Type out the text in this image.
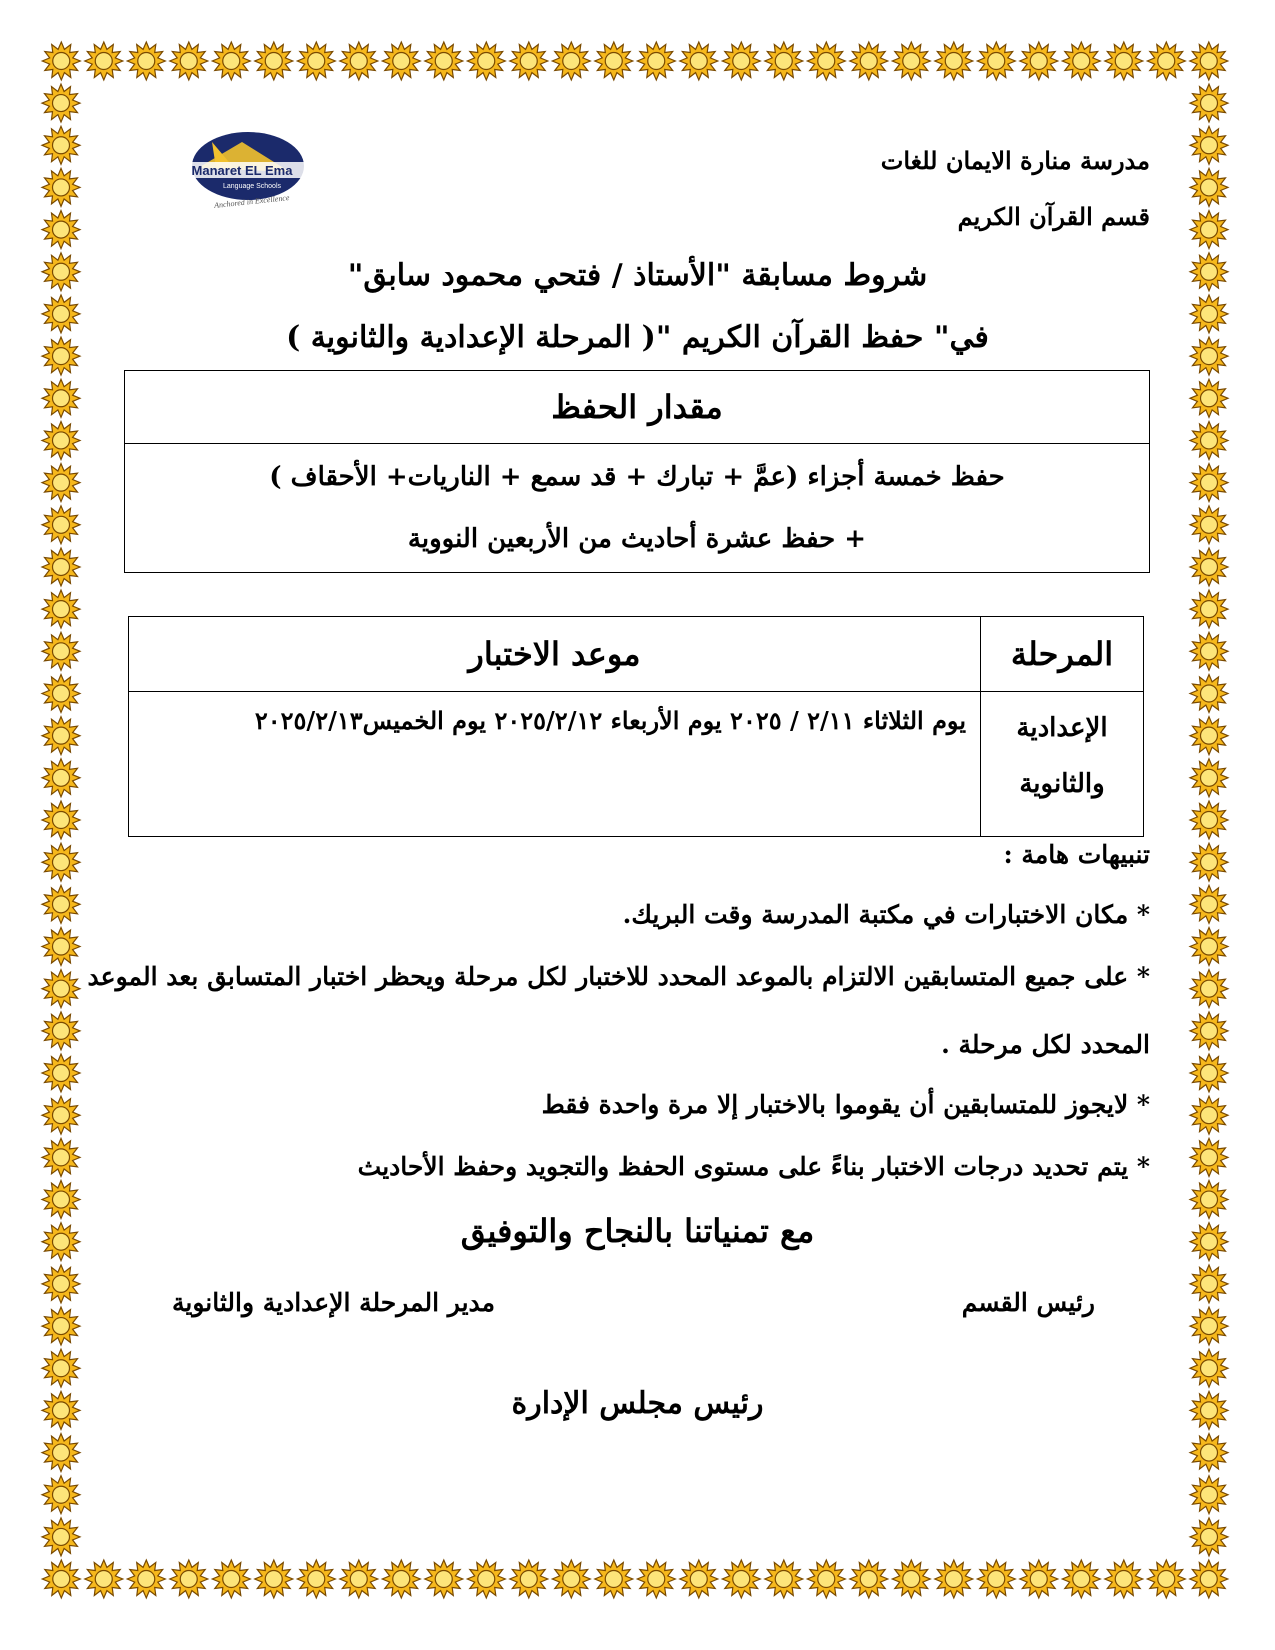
Manaret EL Ema
Language Schools
Anchored in Excellence
مدرسة منارة الايمان للغات
قسم القرآن الكريم
شروط مسابقة "الأستاذ / فتحي محمود سابق"
في" حفظ القرآن الكريم "( المرحلة الإعدادية والثانوية )
مقدار الحفظ

حفظ خمسة أجزاء (عمَّ + تبارك + قد سمع + الناريات+ الأحقاف )
+ حفظ عشرة أحاديث من الأربعين النووية
المرحلة	موعد الاختبار

الإعدادية
والثانوية	يوم الثلاثاء ٢/١١ / ٢٠٢٥ يوم الأربعاء ٢٠٢٥/٢/١٢ يوم الخميس٢٠٢٥/٢/١٣
تنبيهات هامة :
* مكان الاختبارات في مكتبة المدرسة وقت البريك.
* على جميع المتسابقين الالتزام بالموعد المحدد للاختبار لكل مرحلة ويحظر اختبار المتسابق بعد الموعد
المحدد لكل مرحلة .
* لايجوز للمتسابقين أن يقوموا بالاختبار إلا مرة واحدة فقط
* يتم تحديد درجات الاختبار بناءً على مستوى الحفظ والتجويد وحفظ الأحاديث
مع تمنياتنا بالنجاح والتوفيق
رئيس القسم
مدير المرحلة الإعدادية والثانوية
رئيس مجلس الإدارة
